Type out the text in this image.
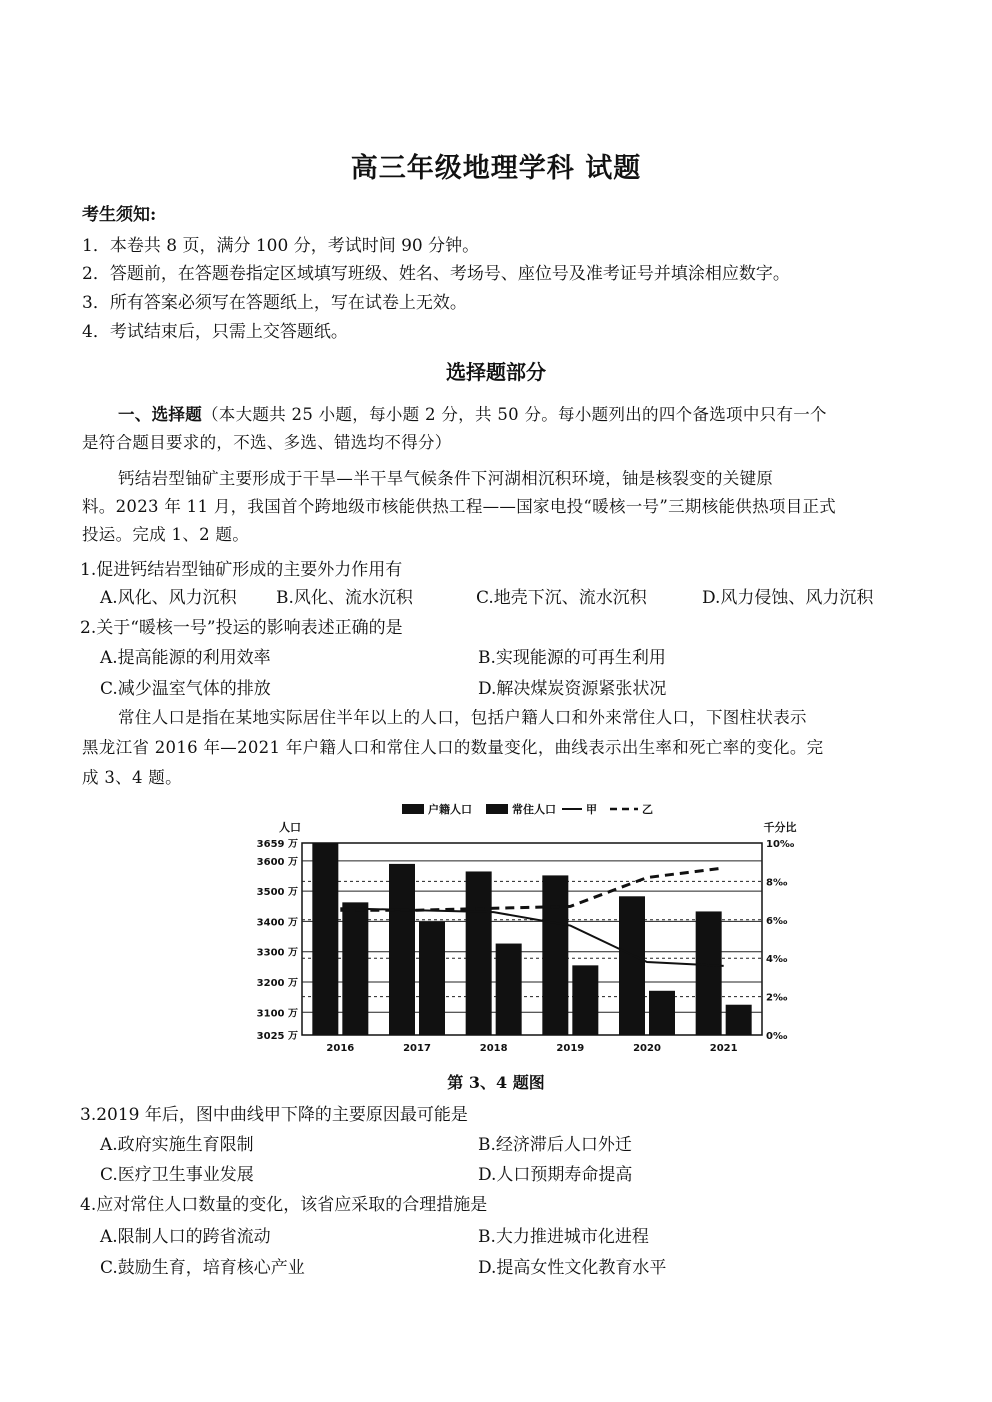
高三年级地理学科 试题
考生须知:
1．本卷共 8 页，满分 100 分，考试时间 90 分钟。
2．答题前，在答题卷指定区域填写班级、姓名、考场号、座位号及准考证号并填涂相应数字。
3．所有答案必须写在答题纸上，写在试卷上无效。
4．考试结束后，只需上交答题纸。
选择题部分
一、选择题（本大题共 25 小题，每小题 2 分，共 50 分。每小题列出的四个备选项中只有一个
是符合题目要求的，不选、多选、错选均不得分）
钙结岩型铀矿主要形成于干旱—半干旱气候条件下河湖相沉积环境，铀是核裂变的关键原
料。2023 年 11 月，我国首个跨地级市核能供热工程——国家电投“暖核一号”三期核能供热项目正式
投运。完成 1、2 题。
1.促进钙结岩型铀矿形成的主要外力作用有
A.风化、风力沉积 B.风化、流水沉积	C.地壳下沉、流水沉积	D.风力侵蚀、风力沉积
2.关于“暖核一号”投运的影响表述正确的是
A.提高能源的利用效率	B.实现能源的可再生利用
C.减少温室气体的排放	D.解决煤炭资源紧张状况
常住人口是指在某地实际居住半年以上的人口，包括户籍人口和外来常住人口，下图柱状表示
黑龙江省 2016 年—2021 年户籍人口和常住人口的数量变化，曲线表示出生率和死亡率的变化。完
成 3、4 题。
3659 万
3600 万
3500 万
3400 万
3300 万
3200 万
3100 万
3025 万
10‰
8‰
6‰
4‰
2‰
0‰
人口	千分比
户籍人口	常住人口	甲	乙
2016	2017	2018	2019	2020	2021
第 3、4 题图
3.2019 年后，图中曲线甲下降的主要原因最可能是
A.政府实施生育限制	B.经济滞后人口外迁
C.医疗卫生事业发展	D.人口预期寿命提高
4.应对常住人口数量的变化，该省应采取的合理措施是
A.限制人口的跨省流动	B.大力推进城市化进程
C.鼓励生育，培育核心产业	D.提高女性文化教育水平
